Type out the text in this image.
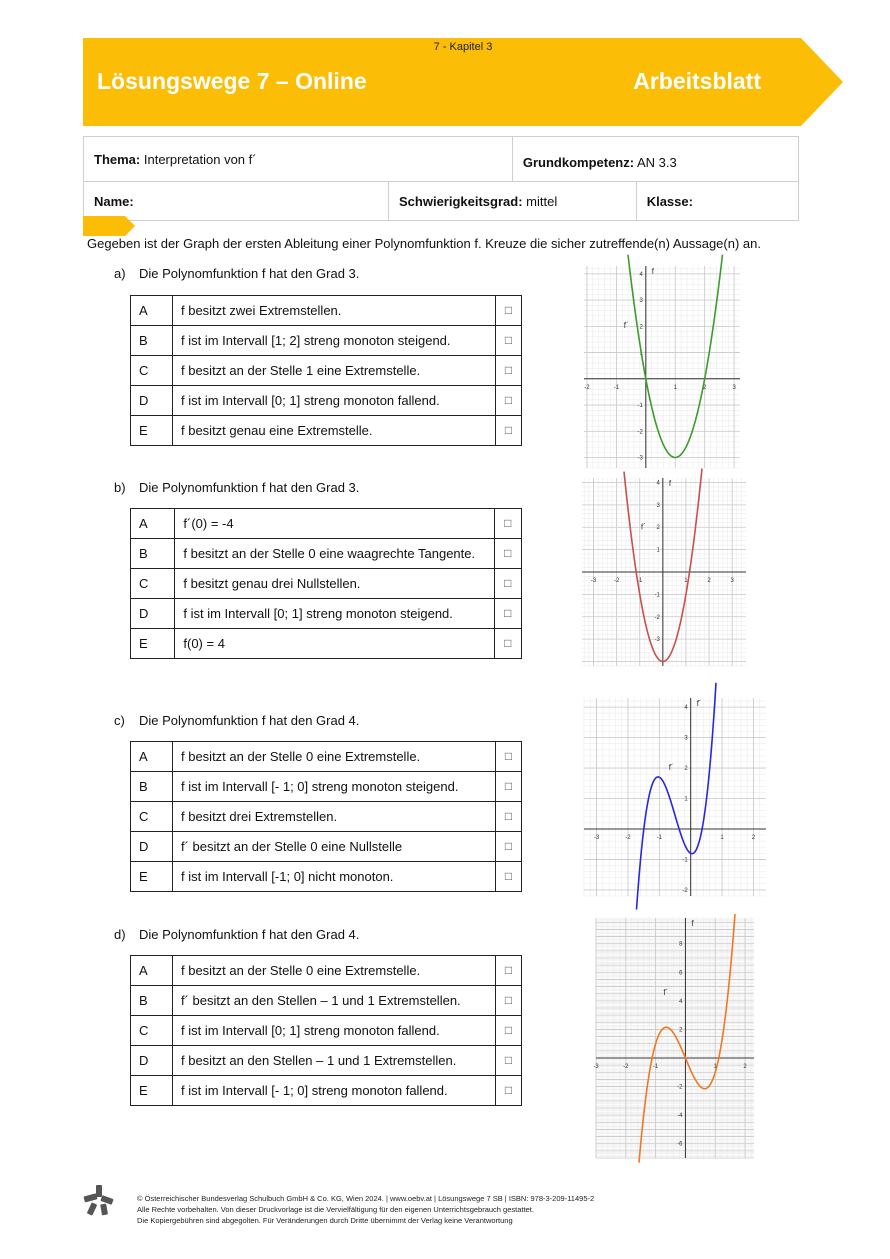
7 - Kapitel 3
Lösungswege 7 – Online	Arbeitsblatt
Thema: Interpretation von f´		Grundkompetenz: AN 3.3	
Name:	Schwierigkeitsgrad: mittel		Klasse:
Gegeben ist der Graph der ersten Ableitung einer Polynomfunktion f. Kreuze die sicher zutreffende(n) Aussage(n) an.
a) Die Polynomfunktion f hat den Grad 3.
A	f besitzt zwei Extremstellen.	□
B	f ist im Intervall [1; 2] streng monoton steigend.	□
C	f besitzt an der Stelle 1 eine Extremstelle.	□
D	f ist im Intervall [0; 1] streng monoton fallend.	□
E	f besitzt genau eine Extremstelle.	□
b) Die Polynomfunktion f hat den Grad 3.
A	f´(0) = -4	□
B	f besitzt an der Stelle 0 eine waagrechte Tangente.	□
C	f besitzt genau drei Nullstellen.	□
D	f ist im Intervall [0; 1] streng monoton steigend.	□
E	f(0) = 4	□
c) Die Polynomfunktion f hat den Grad 4.
A	f besitzt an der Stelle 0 eine Extremstelle.	□
B	f ist im Intervall [- 1; 0] streng monoton steigend.	□
C	f besitzt drei Extremstellen.	□
D	f´ besitzt an der Stelle 0 eine Nullstelle	□
E	f ist im Intervall [-1; 0] nicht monoton.	□
d) Die Polynomfunktion f hat den Grad 4.
A	f besitzt an der Stelle 0 eine Extremstelle.	□
B	f´ besitzt an den Stellen – 1 und 1 Extremstellen.	□
C	f ist im Intervall [0; 1] streng monoton fallend.	□
D	f besitzt an den Stellen – 1 und 1 Extremstellen.	□
E	f ist im Intervall [- 1; 0] streng monoton fallend.	□
-2	-1	1	2	3
4
3
2
1
-1
-2
-3
f´
f
-3	-2	-1	1	2	3
4
3
2
1
-1
-2
-3
f´
f
-3	-2	-1	1	2
4
3
2
1
-1
-2
f´
f´
-3	-2	-1	1	2
8
6
4
2
-2
-4
-6
f´
f
© Österreichischer Bundesverlag Schulbuch GmbH & Co. KG, Wien 2024. | www.oebv.at | Lösungswege 7 SB | ISBN: 978-3-209-11495-2
Alle Rechte vorbehalten. Von dieser Druckvorlage ist die Vervielfältigung für den eigenen Unterrichtsgebrauch gestattet.
Die Kopiergebühren sind abgegolten. Für Veränderungen durch Dritte übernimmt der Verlag keine Verantwortung
